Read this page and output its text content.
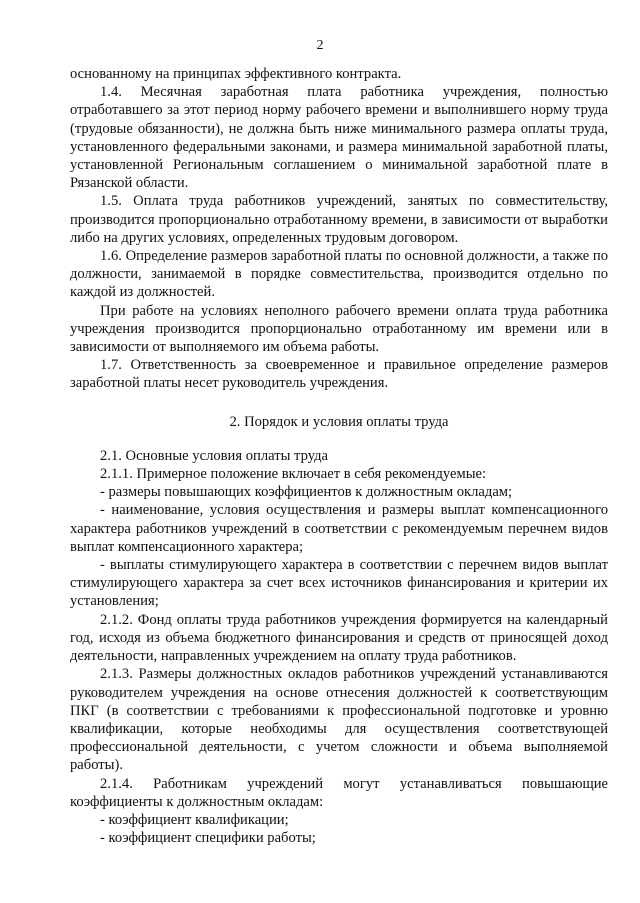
2

основанному на принципах эффективного контракта.

1.4. Месячная заработная плата работника учреждения, полностью отработавшего за этот период норму рабочего времени и выполнившего норму труда (трудовые обязанности), не должна быть ниже минимального размера оплаты труда, установленного федеральными законами, и размера минимальной заработной платы, установленной Региональным соглашением о минимальной заработной плате в Рязанской области.

1.5. Оплата труда работников учреждений, занятых по совместительству, производится пропорционально отработанному времени, в зависимости от выработки либо на других условиях, определенных трудовым договором.

1.6. Определение размеров заработной платы по основной должности, а также по должности, занимаемой в порядке совместительства, производится отдельно по каждой из должностей.

При работе на условиях неполного рабочего времени оплата труда работника учреждения производится пропорционально отработанному им времени или в зависимости от выполняемого им объема работы.

1.7. Ответственность за своевременное и правильное определение размеров заработной платы несет руководитель учреждения.

2. Порядок и условия оплаты труда

2.1. Основные условия оплаты труда

2.1.1. Примерное положение включает в себя рекомендуемые:

- размеры повышающих коэффициентов к должностным окладам;

- наименование, условия осуществления и размеры выплат компенсационного характера работников учреждений в соответствии с рекомендуемым перечнем видов выплат компенсационного характера;

- выплаты стимулирующего характера в соответствии с перечнем видов выплат стимулирующего характера за счет всех источников финансирования и критерии их установления;

2.1.2. Фонд оплаты труда работников учреждения формируется на календарный год, исходя из объема бюджетного финансирования и средств от приносящей доход деятельности, направленных учреждением на оплату труда работников.

2.1.3. Размеры должностных окладов работников учреждений устанавливаются руководителем учреждения на основе отнесения должностей к соответствующим ПКГ (в соответствии с требованиями к профессиональной подготовке и уровню квалификации, которые необходимы для осуществления соответствующей профессиональной деятельности, с учетом сложности и объема выполняемой работы).

2.1.4. Работникам учреждений могут устанавливаться повышающие коэффициенты к должностным окладам:

- коэффициент квалификации;

- коэффициент специфики работы;
